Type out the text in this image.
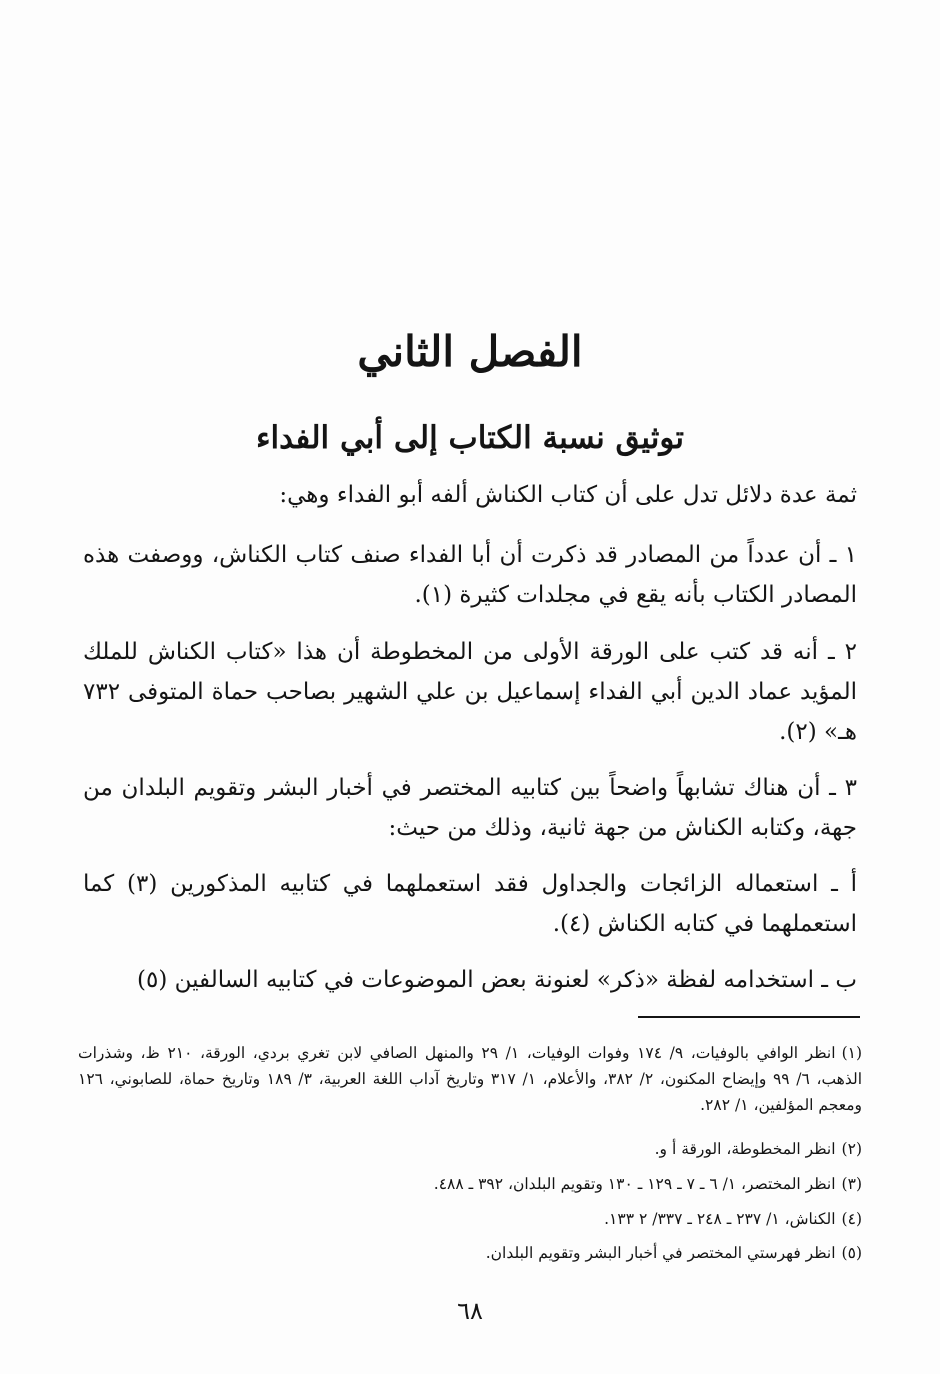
الفصل الثاني
توثيق نسبة الكتاب إلى أبي الفداء

ثمة عدة دلائل تدل على أن كتاب الكناش ألفه أبو الفداء وهي:

١ ـ أن عدداً من المصادر قد ذكرت أن أبا الفداء صنف كتاب الكناش، ووصفت هذه المصادر الكتاب بأنه يقع في مجلدات كثيرة (١).

٢ ـ أنه قد كتب على الورقة الأولى من المخطوطة أن هذا «كتاب الكناش للملك المؤيد عماد الدين أبي الفداء إسماعيل بن علي الشهير بصاحب حماة المتوفى ٧٣٢ هـ» (٢).

٣ ـ أن هناك تشابهاً واضحاً بين كتابيه المختصر في أخبار البشر وتقويم البلدان من جهة، وكتابه الكناش من جهة ثانية، وذلك من حيث:

أ ـ استعماله الزائجات والجداول فقد استعملهما في كتابيه المذكورين (٣) كما استعملهما في كتابه الكناش (٤).

ب ـ استخدامه لفظة «ذكر» لعنونة بعض الموضوعات في كتابيه السالفين (٥)

(١)انظر الوافي بالوفيات، ٩/ ١٧٤ وفوات الوفيات، ١/ ٢٩ والمنهل الصافي لابن تغري بردي، الورقة، ٢١٠ ظ، وشذرات الذهب، ٦/ ٩٩ وإيضاح المكنون، ٢/ ٣٨٢، والأعلام، ١/ ٣١٧ وتاريخ آداب اللغة العربية، ٣/ ١٨٩ وتاريخ حماة، للصابوني، ١٢٦ ومعجم المؤلفين، ١/ ٢٨٢.

(٢)انظر المخطوطة، الورقة أ و.

(٣)انظر المختصر، ١/ ٦ ـ ٧ ـ ١٢٩ ـ ١٣٠ وتقويم البلدان، ٣٩٢ ـ ٤٨٨.

(٤)الكناش، ١/ ٢٣٧ ـ ٢٤٨ ـ ٣٣٧/ ٢ ١٣٣.

(٥)انظر فهرستي المختصر في أخبار البشر وتقويم البلدان.

٦٨
